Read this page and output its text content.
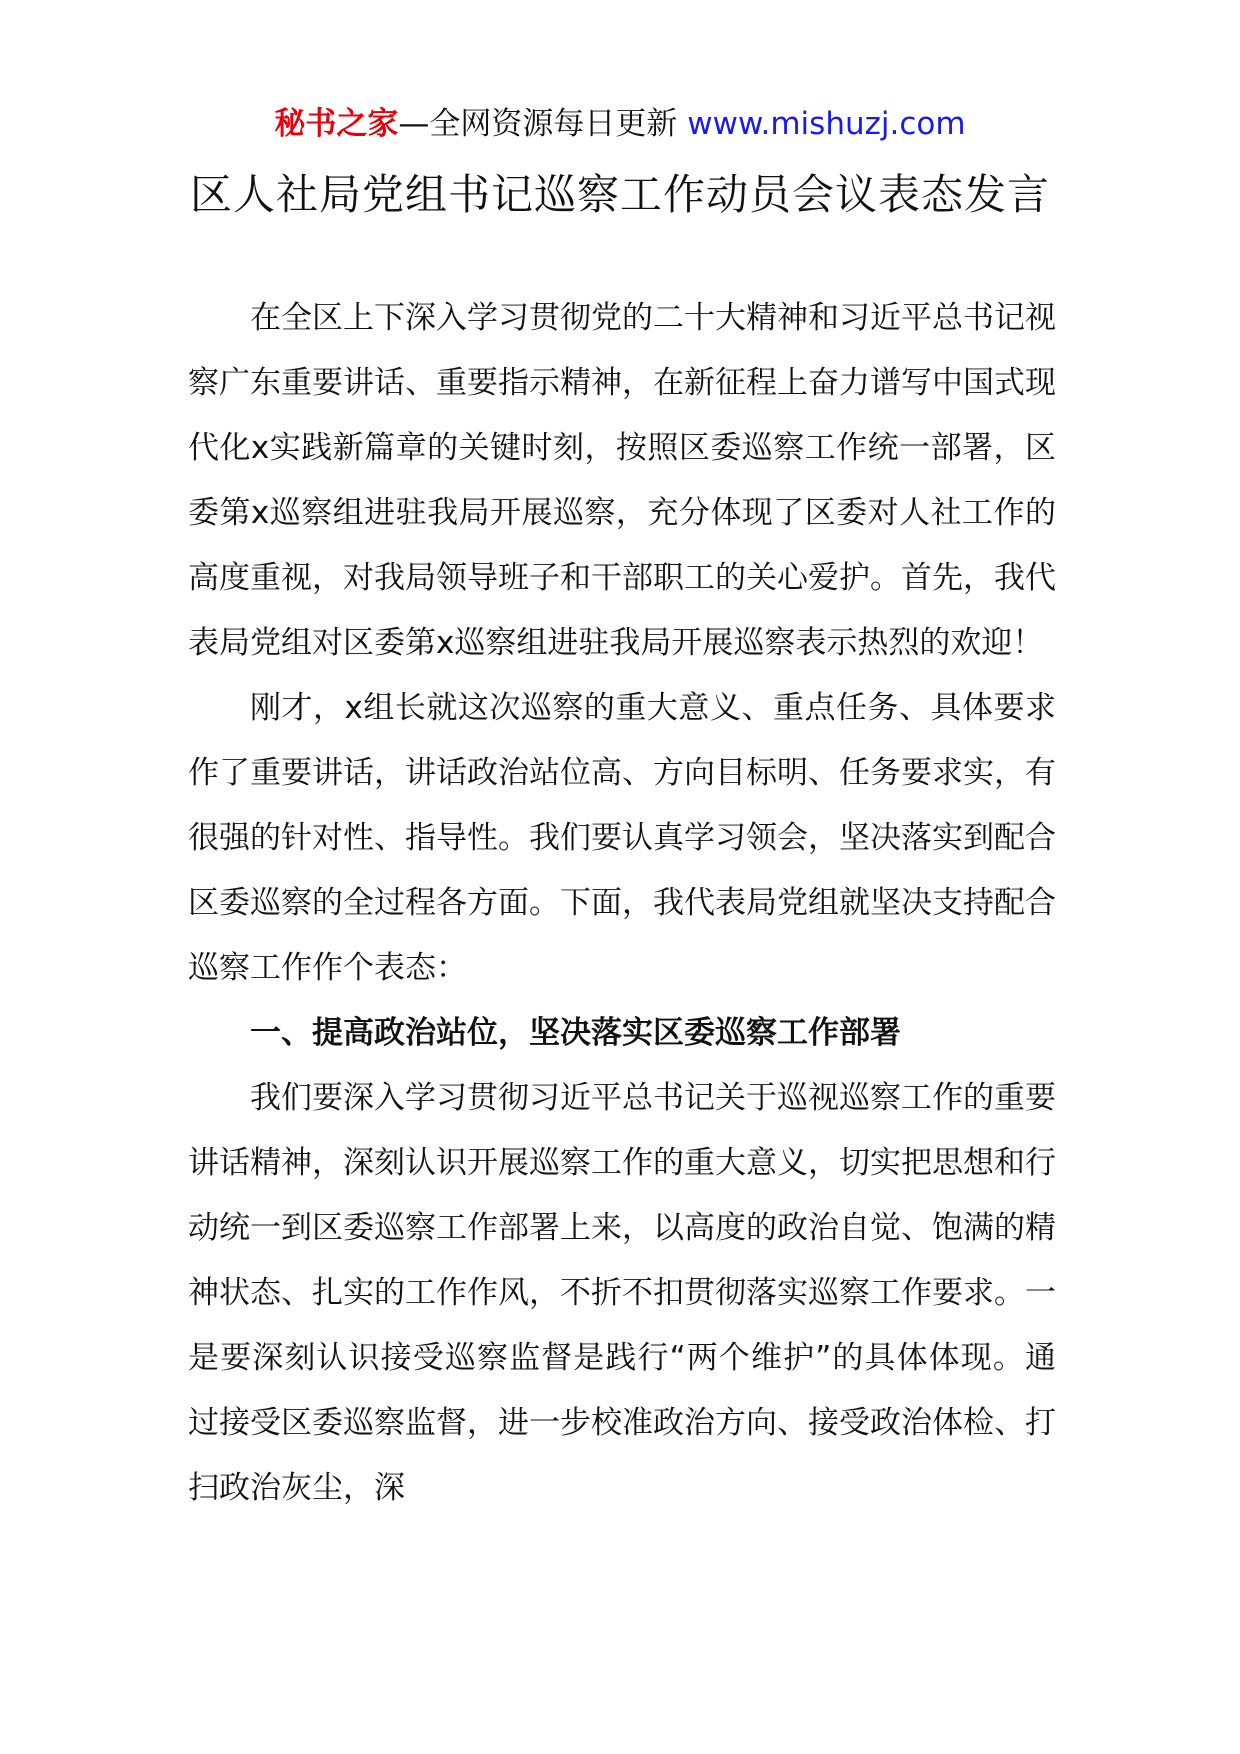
秘书之家—全网资源每日更新 www.mishuzj.com
区人社局党组书记巡察工作动员会议表态发言

在全区上下深入学习贯彻党的二十大精神和习近平总书记视察广东重要讲话、重要指示精神，在新征程上奋力谱写中国式现代化x实践新篇章的关键时刻，按照区委巡察工作统一部署，区委第x巡察组进驻我局开展巡察，充分体现了区委对人社工作的高度重视，对我局领导班子和干部职工的关心爱护。首先，我代表局党组对区委第x巡察组进驻我局开展巡察表示热烈的欢迎！

刚才，x组长就这次巡察的重大意义、重点任务、具体要求作了重要讲话，讲话政治站位高、方向目标明、任务要求实，有很强的针对性、指导性。我们要认真学习领会，坚决落实到配合区委巡察的全过程各方面。下面，我代表局党组就坚决支持配合巡察工作作个表态：

一、提高政治站位，坚决落实区委巡察工作部署

我们要深入学习贯彻习近平总书记关于巡视巡察工作的重要讲话精神，深刻认识开展巡察工作的重大意义，切实把思想和行动统一到区委巡察工作部署上来，以高度的政治自觉、饱满的精神状态、扎实的工作作风，不折不扣贯彻落实巡察工作要求。一是要深刻认识接受巡察监督是践行“两个维护”的具体体现。通过接受区委巡察监督，进一步校准政治方向、接受政治体检、打扫政治灰尘，深
